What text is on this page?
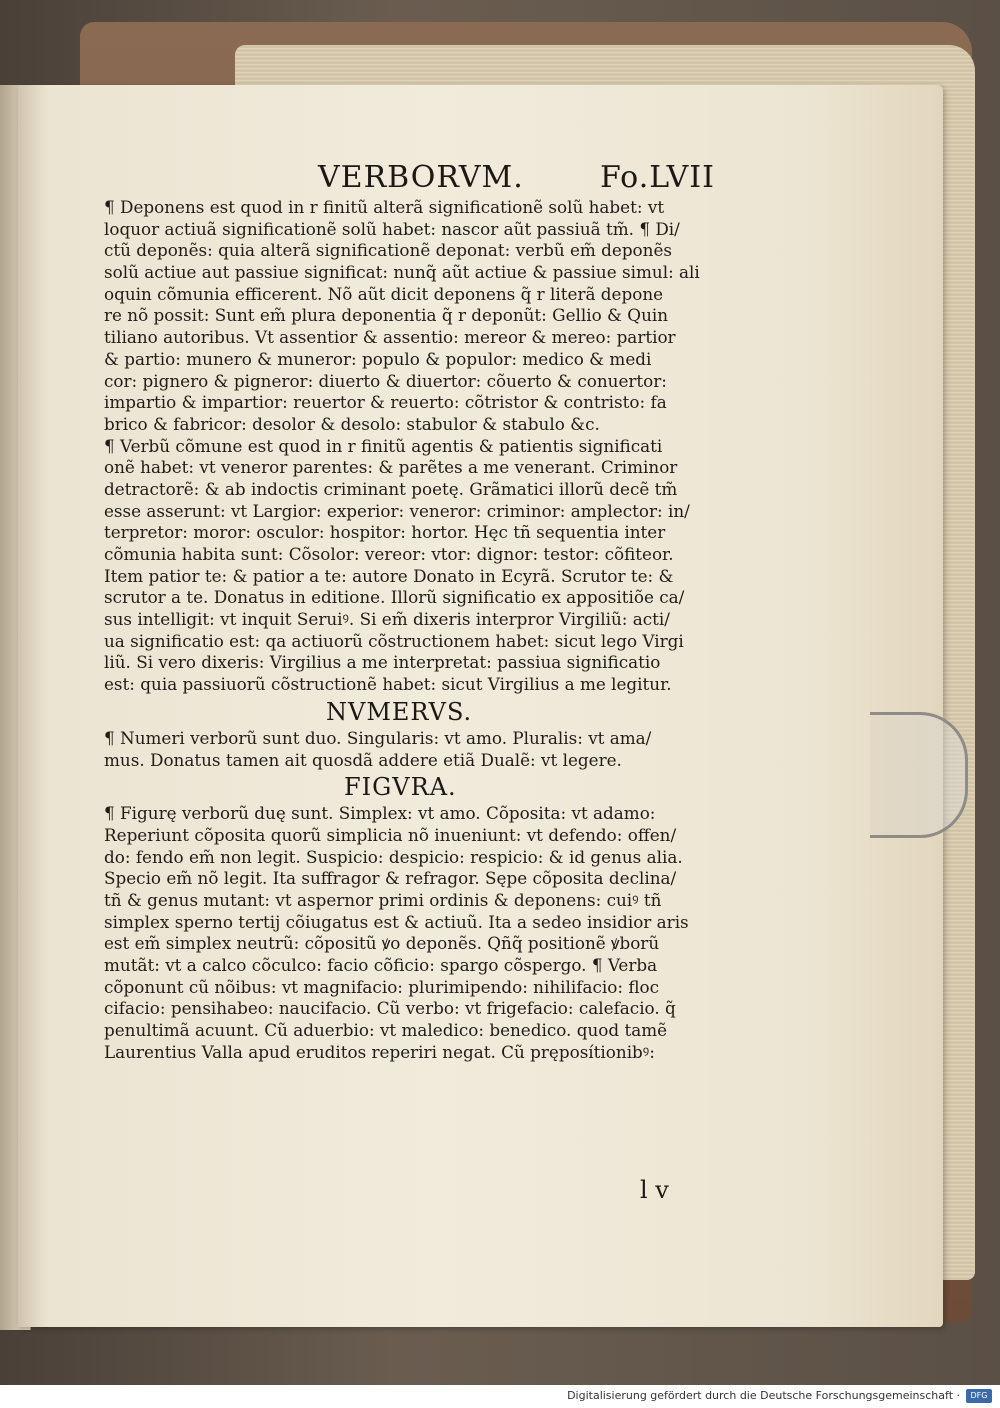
VERBORVM.	Fo.LVII
¶ Deponens est quod in r finitũ alterã significationẽ solũ habet: vt
loquor actiuã significationẽ solũ habet: nascor aũt passiuã tm̃. ¶ Di/
ctũ deponẽs: quia alterã significationẽ deponat: verbũ em̃ deponẽs
solũ actiue aut passiue significat: nunq̃ aũt actiue & passiue simul: ali
oquin cõmunia efficerent. Nõ aũt dicit deponens q̃ r literã depone
re nõ possit: Sunt em̃ plura deponentia q̃ r deponũt: Gellio & Quin
tiliano autoribus. Vt assentior & assentio: mereor & mereo: partior
& partio: munero & muneror: populo & populor: medico & medi
cor: pignero & pigneror: diuerto & diuertor: cõuerto & conuertor:
impartio & impartior: reuertor & reuerto: cõtristor & contristo: fa
brico & fabricor: desolor & desolo: stabulor & stabulo &c.
¶ Verbũ cõmune est quod in r finitũ agentis & patientis significati
onẽ habet: vt veneror parentes: & parẽtes a me venerant. Criminor
detractorẽ: & ab indoctis criminant poetę. Grãmatici illorũ decẽ tm̃
esse asserunt: vt Largior: experior: veneror: criminor: amplector: in/
terpretor: moror: osculor: hospitor: hortor. Hęc tñ sequentia inter
cõmunia habita sunt: Cõsolor: vereor: vtor: dignor: testor: cõfiteor.
Item patior te: & patior a te: autore Donato in Ecyrã. Scrutor te: &
scrutor a te. Donatus in editione. Illorũ significatio ex appositiõe ca/
sus intelligit: vt inquit Seruiꝰ. Si em̃ dixeris interpror Virgiliũ: acti/
ua significatio est: qa actiuorũ cõstructionem habet: sicut lego Virgi
liũ. Si vero dixeris: Virgilius a me interpretat: passiua significatio
est: quia passiuorũ cõstructionẽ habet: sicut Virgilius a me legitur.
NVMERVS.
¶ Numeri verborũ sunt duo. Singularis: vt amo. Pluralis: vt ama/
mus. Donatus tamen ait quosdã addere etiã Dualẽ: vt legere.
FIGVRA.
¶ Figurę verborũ duę sunt. Simplex: vt amo. Cõposita: vt adamo:
Reperiunt cõposita quorũ simplicia nõ inueniunt: vt defendo: offen/
do: fendo em̃ non legit. Suspicio: despicio: respicio: & id genus alia.
Specio em̃ nõ legit. Ita suffragor & refragor. Sępe cõposita declina/
tñ & genus mutant: vt aspernor primi ordinis & deponens: cuiꝰ tñ
simplex sperno tertij cõiugatus est & actiuũ. Ita a sedeo insidior aris
est em̃ simplex neutrũ: cõpositũ ꝟo deponẽs. Qñq̃ positionẽ ꝟborũ
mutãt: vt a calco cõculco: facio cõficio: spargo cõspergo. ¶ Verba
cõponunt cũ nõibus: vt magnifacio: plurimipendo: nihilifacio: floc
cifacio: pensihabeo: naucifacio. Cũ verbo: vt frigefacio: calefacio. q̃
penultimã acuunt. Cũ aduerbio: vt maledico: benedico. quod tamẽ
Laurentius Valla apud eruditos reperiri negat. Cũ pręposítionibꝰ:
l v
Digitalisierung gefördert durch die Deutsche Forschungsgemeinschaft ·	DFG
